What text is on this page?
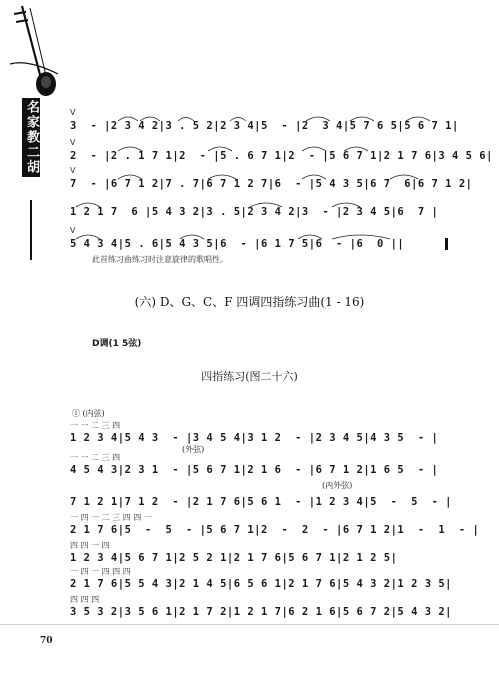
名家教二胡	V
3  - |2 3 4 2|3 . 5 2|2 3 4|5  - |2  3 4|5 7 6 5|5 6 7 1|
V
2  - |2 . 1 7 1|2  - |5 . 6 7 1|2  - |5 6 7 1|2 1 7 6|3 4 5 6|
V
7  - |6 7 1 2|7 . 7|6 7 1 2 7|6  - |5 4 3 5|6 7  6|6 7 1 2|
1 2 1 7  6 |5 4 3 2|3 . 5|2 3 4 2|3  - |2 3 4 5|6  7 |
V
5 4 3 4|5 . 6|5 4 3 5|6  - |6 1 7 5|6  - |6  0 ||
此首练习曲练习时注意旋律的歌唱性。
(六) D、G、C、F 四调四指练习曲(1 - 16)
D调(1 5弦)
四指练习(图二十六)
① (内弦)
一 一 二 三 四
1 2 3 4|5 4 3  - |3 4 5 4|3 1 2  - |2 3 4 5|4 3 5  - |
(外弦)
一 一 二 三 四
4 5 4 3|2 3 1  - |5 6 7 1|2 1 6  - |6 7 1 2|1 6 5  - |
(内外弦)
7 1 2 1|7 1 2  - |2 1 7 6|5 6 1  - |1 2 3 4|5  -  5  - |
一 四 一 二 三 四 四 一
2 1 7 6|5  -  5  - |5 6 7 1|2  -  2  - |6 7 1 2|1  -  1  - |
四 四 一 四
1 2 3 4|5 6 7 1|2 5 2 1|2 1 7 6|5 6 7 1|2 1 2 5|
一 四 一 四 四 四
2 1 7 6|5 5 4 3|2 1 4 5|6 5 6 1|2 1 7 6|5 4 3 2|1 2 3 5|
四 四 四
3 5 3 2|3 5 6 1|2 1 7 2|1 2 1 7|6 2 1 6|5 6 7 2|5 4 3 2|
70
